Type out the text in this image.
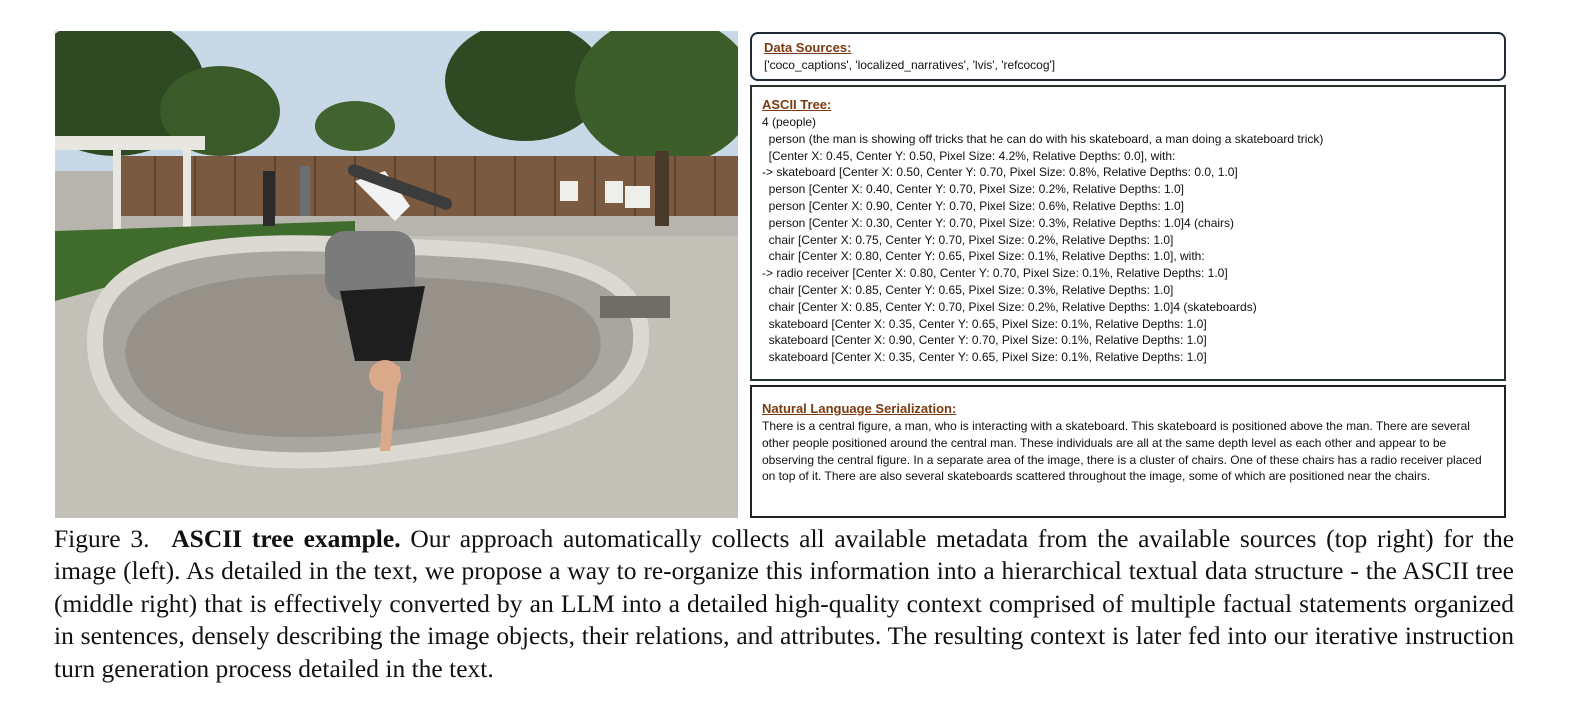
Data Sources:
['coco_captions', 'localized_narratives', 'lvis', 'refcocog']
ASCII Tree:
4 (people)
person (the man is showing off tricks that he can do with his skateboard, a man doing a skateboard trick)
[Center X: 0.45, Center Y: 0.50, Pixel Size: 4.2%, Relative Depths: 0.0], with:
-> skateboard [Center X: 0.50, Center Y: 0.70, Pixel Size: 0.8%, Relative Depths: 0.0, 1.0]
person [Center X: 0.40, Center Y: 0.70, Pixel Size: 0.2%, Relative Depths: 1.0]
person [Center X: 0.90, Center Y: 0.70, Pixel Size: 0.6%, Relative Depths: 1.0]
person [Center X: 0.30, Center Y: 0.70, Pixel Size: 0.3%, Relative Depths: 1.0]4 (chairs)
chair [Center X: 0.75, Center Y: 0.70, Pixel Size: 0.2%, Relative Depths: 1.0]
chair [Center X: 0.80, Center Y: 0.65, Pixel Size: 0.1%, Relative Depths: 1.0], with:
-> radio receiver [Center X: 0.80, Center Y: 0.70, Pixel Size: 0.1%, Relative Depths: 1.0]
chair [Center X: 0.85, Center Y: 0.65, Pixel Size: 0.3%, Relative Depths: 1.0]
chair [Center X: 0.85, Center Y: 0.70, Pixel Size: 0.2%, Relative Depths: 1.0]4 (skateboards)
skateboard [Center X: 0.35, Center Y: 0.65, Pixel Size: 0.1%, Relative Depths: 1.0]
skateboard [Center X: 0.90, Center Y: 0.70, Pixel Size: 0.1%, Relative Depths: 1.0]
skateboard [Center X: 0.35, Center Y: 0.65, Pixel Size: 0.1%, Relative Depths: 1.0]
Natural Language Serialization:
There is a central figure, a man, who is interacting with a skateboard. This skateboard is positioned above the man. There are several other people positioned around the central man. These individuals are all at the same depth level as each other and appear to be observing the central figure. In a separate area of the image, there is a cluster of chairs. One of these chairs has a radio receiver placed on top of it. There are also several skateboards scattered throughout the image, some of which are positioned near the chairs.
Figure 3. ASCII tree example. Our approach automatically collects all available metadata from the available sources (top right) for the image (left). As detailed in the text, we propose a way to re-organize this information into a hierarchical textual data structure - the ASCII tree (middle right) that is effectively converted by an LLM into a detailed high-quality context comprised of multiple factual statements organized in sentences, densely describing the image objects, their relations, and attributes. The resulting context is later fed into our iterative instruction turn generation process detailed in the text.
